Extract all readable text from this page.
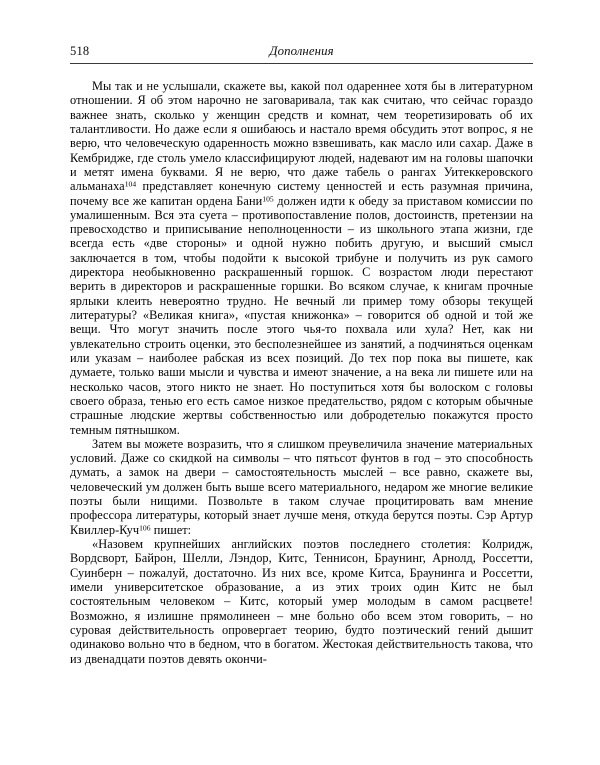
518	Дополнения

Мы так и не услышали, скажете вы, какой пол одареннее хотя бы в литературном отношении. Я об этом нарочно не заговаривала, так как считаю, что сейчас гораздо важнее знать, сколько у женщин средств и комнат, чем теоретизировать об их талантливости. Но даже если я ошибаюсь и настало время обсудить этот вопрос, я не верю, что человеческую одаренность можно взвешивать, как масло или сахар. Даже в Кембридже, где столь умело классифицируют людей, надевают им на головы шапочки и метят имена буквами. Я не верю, что даже табель о рангах Уитеккеровского альманаха$^{104}$ представляет конечную систему ценностей и есть разумная причина, почему все же капитан ордена Бани$^{105}$ должен идти к обеду за приставом комиссии по умалишенным. Вся эта суета – противопоставление полов, достоинств, претензии на превосходство и приписывание неполноценности – из школьного этапа жизни, где всегда есть «две стороны» и одной нужно побить другую, и высший смысл заключается в том, чтобы подойти к высокой трибуне и получить из рук самого директора необыкновенно раскрашенный горшок. С возрастом люди перестают верить в директоров и раскрашенные горшки. Во всяком случае, к книгам прочные ярлыки клеить невероятно трудно. Не вечный ли пример тому обзоры текущей литературы? «Великая книга», «пустая книжонка» – говорится об одной и той же вещи. Что могут значить после этого чья-то похвала или хула? Нет, как ни увлекательно строить оценки, это бесполезнейшее из занятий, а подчиняться оценкам или указам – наиболее рабская из всех позиций. До тех пор пока вы пишете, как думаете, только ваши мысли и чувства и имеют значение, а на века ли пишете или на несколько часов, этого никто не знает. Но поступиться хотя бы волоском с головы своего образа, тенью его есть самое низкое предательство, рядом с которым обычные страшные людские жертвы собственностью или добродетелью покажутся просто темным пятнышком.

Затем вы можете возразить, что я слишком преувеличила значение материальных условий. Даже со скидкой на символы – что пятьсот фунтов в год – это способность думать, а замок на двери – самостоятельность мыслей – все равно, скажете вы, человеческий ум должен быть выше всего материального, недаром же многие великие поэты были нищими. Позвольте в таком случае процитировать вам мнение профессора литературы, который знает лучше меня, откуда берутся поэты. Сэр Артур Квиллер-Куч$^{106}$ пишет:

«Назовем крупнейших английских поэтов последнего столетия: Колридж, Вордсворт, Байрон, Шелли, Лэндор, Китс, Теннисон, Браунинг, Арнолд, Россетти, Суинберн – пожалуй, достаточно. Из них все, кроме Китса, Браунинга и Россетти, имели университетское образование, а из этих троих один Китс не был состоятельным человеком – Китс, который умер молодым в самом расцвете! Возможно, я излишне прямолинеен – мне больно обо всем этом говорить, – но суровая действительность опровергает теорию, будто поэтический гений дышит одинаково вольно что в бедном, что в богатом. Жестокая действительность такова, что из двенадцати поэтов девять окончи-
